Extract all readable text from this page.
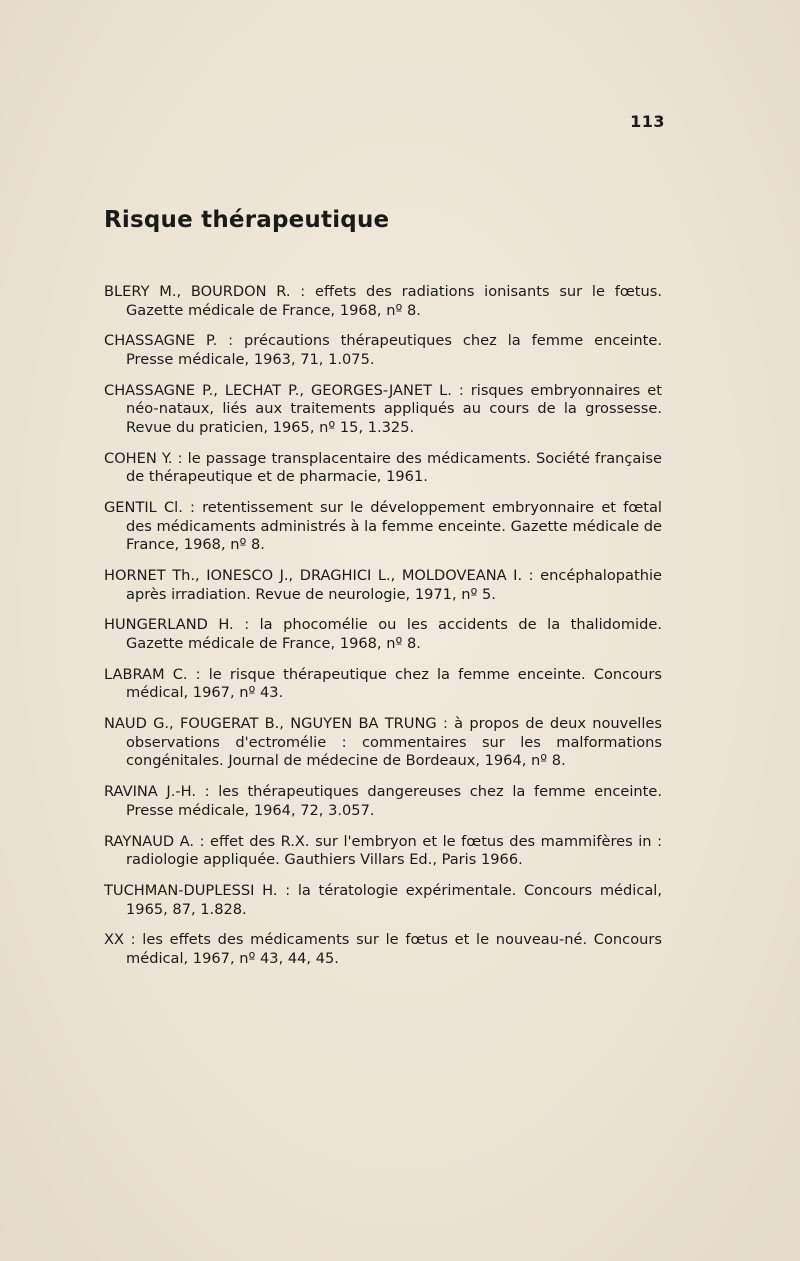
113
Risque thérapeutique
BLERY M., BOURDON R. : effets des radiations ionisants sur le fœtus. Gazette médicale de France, 1968, nº 8.
CHASSAGNE P. : précautions thérapeutiques chez la femme enceinte. Presse médicale, 1963, 71, 1.075.
CHASSAGNE P., LECHAT P., GEORGES-JANET L. : risques embryonnaires et néo-nataux, liés aux traitements appliqués au cours de la grossesse. Revue du praticien, 1965, nº 15, 1.325.
COHEN Y. : le passage transplacentaire des médicaments. Société française de thérapeutique et de pharmacie, 1961.
GENTIL Cl. : retentissement sur le développement embryonnaire et fœtal des médicaments administrés à la femme enceinte. Gazette médicale de France, 1968, nº 8.
HORNET Th., IONESCO J., DRAGHICI L., MOLDOVEANA I. : encéphalopathie après irradiation. Revue de neurologie, 1971, nº 5.
HUNGERLAND H. : la phocomélie ou les accidents de la thalidomide. Gazette médicale de France, 1968, nº 8.
LABRAM C. : le risque thérapeutique chez la femme enceinte. Concours médical, 1967, nº 43.
NAUD G., FOUGERAT B., NGUYEN BA TRUNG : à propos de deux nouvelles observations d'ectromélie : commentaires sur les malformations congénitales. Journal de médecine de Bordeaux, 1964, nº 8.
RAVINA J.-H. : les thérapeutiques dangereuses chez la femme enceinte. Presse médicale, 1964, 72, 3.057.
RAYNAUD A. : effet des R.X. sur l'embryon et le fœtus des mammifères in : radiologie appliquée. Gauthiers Villars Ed., Paris 1966.
TUCHMAN-DUPLESSI H. : la tératologie expérimentale. Concours médical, 1965, 87, 1.828.
XX : les effets des médicaments sur le fœtus et le nouveau-né. Concours médical, 1967, nº 43, 44, 45.
